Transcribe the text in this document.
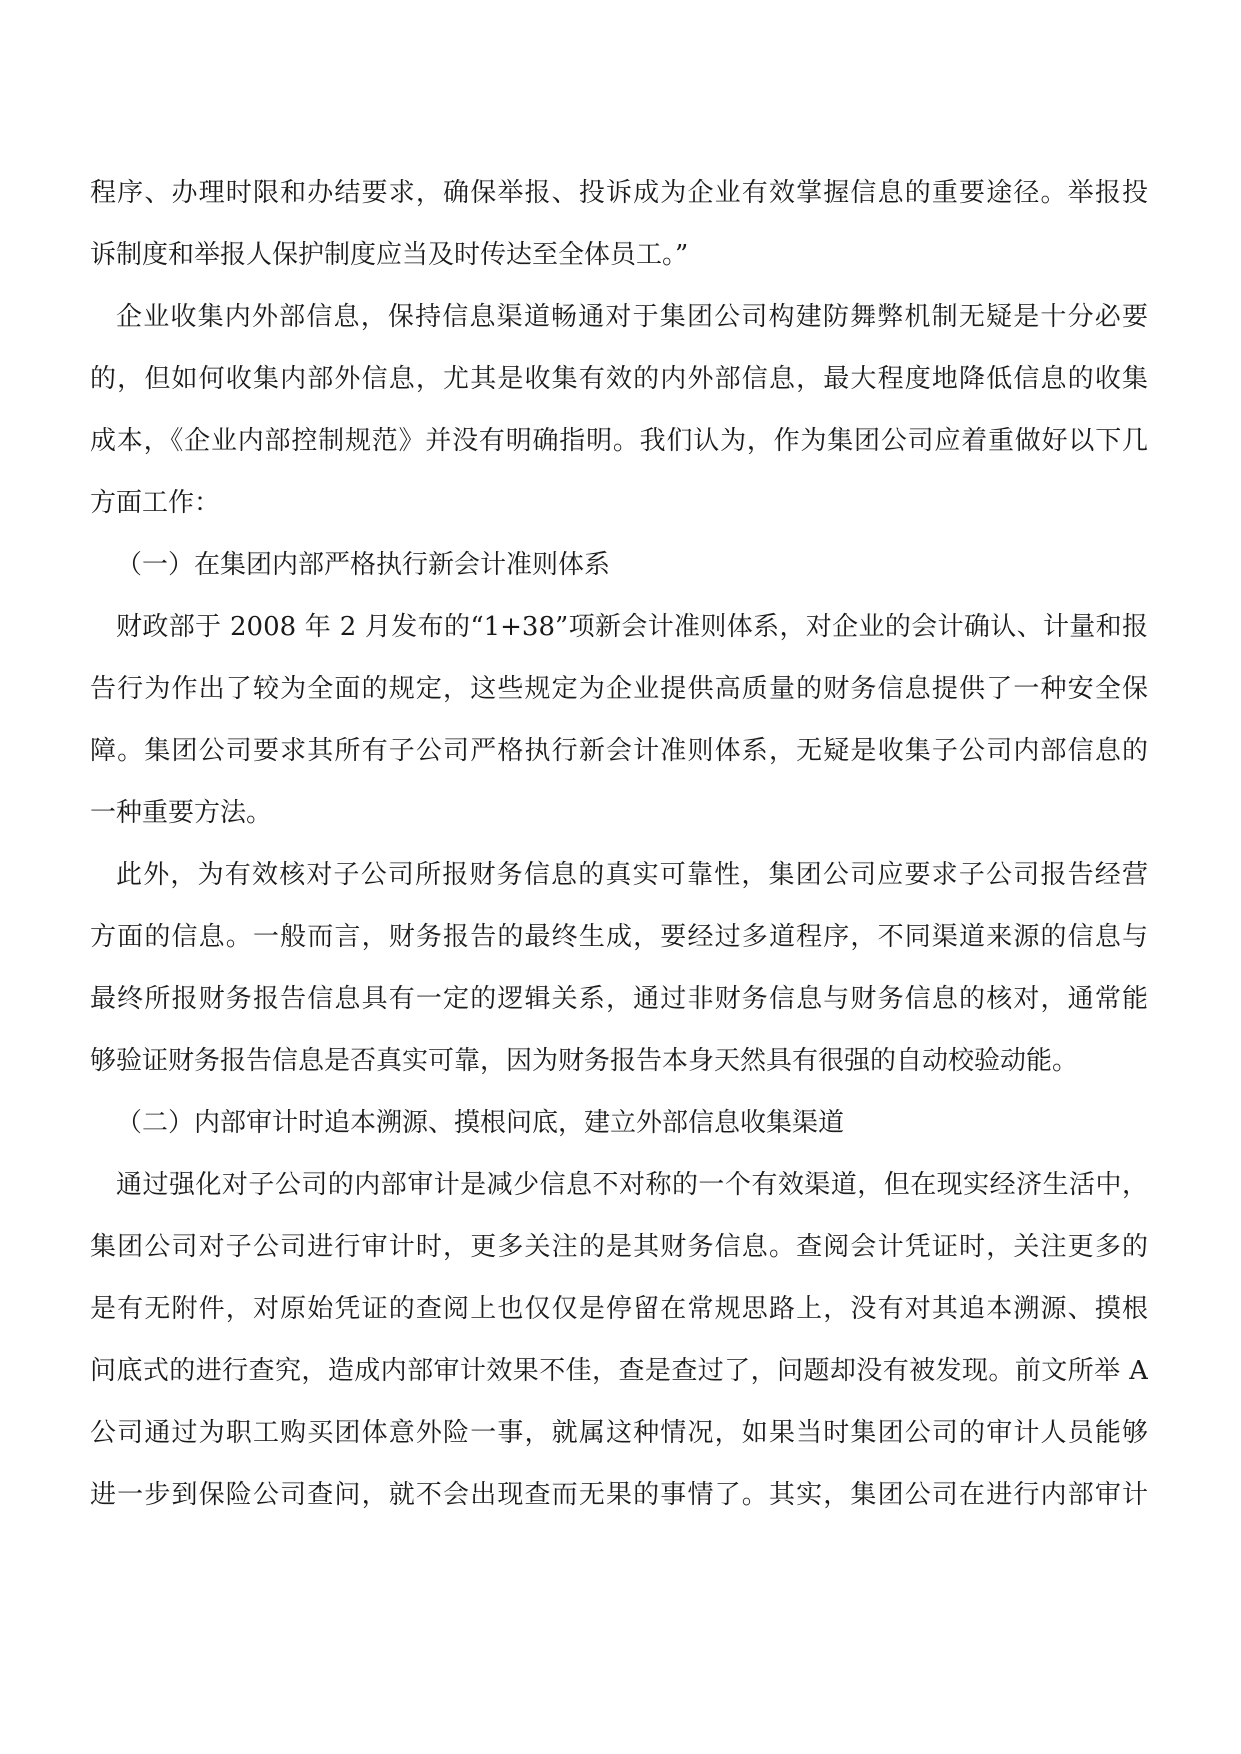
程序、办理时限和办结要求，确保举报、投诉成为企业有效掌握信息的重要途径。举报投
诉制度和举报人保护制度应当及时传达至全体员工。”
企业收集内外部信息，保持信息渠道畅通对于集团公司构建防舞弊机制无疑是十分必要
的，但如何收集内部外信息，尤其是收集有效的内外部信息，最大程度地降低信息的收集
成本，《企业内部控制规范》并没有明确指明。我们认为，作为集团公司应着重做好以下几
方面工作：
（一）在集团内部严格执行新会计准则体系
财政部于 2008 年 2 月发布的“1+38”项新会计准则体系，对企业的会计确认、计量和报
告行为作出了较为全面的规定，这些规定为企业提供高质量的财务信息提供了一种安全保
障。集团公司要求其所有子公司严格执行新会计准则体系，无疑是收集子公司内部信息的
一种重要方法。
此外，为有效核对子公司所报财务信息的真实可靠性，集团公司应要求子公司报告经营
方面的信息。一般而言，财务报告的最终生成，要经过多道程序，不同渠道来源的信息与
最终所报财务报告信息具有一定的逻辑关系，通过非财务信息与财务信息的核对，通常能
够验证财务报告信息是否真实可靠，因为财务报告本身天然具有很强的自动校验动能。
（二）内部审计时追本溯源、摸根问底，建立外部信息收集渠道
通过强化对子公司的内部审计是减少信息不对称的一个有效渠道，但在现实经济生活中，
集团公司对子公司进行审计时，更多关注的是其财务信息。查阅会计凭证时，关注更多的
是有无附件，对原始凭证的查阅上也仅仅是停留在常规思路上，没有对其追本溯源、摸根
问底式的进行查究，造成内部审计效果不佳，查是查过了，问题却没有被发现。前文所举 A
公司通过为职工购买团体意外险一事，就属这种情况，如果当时集团公司的审计人员能够
进一步到保险公司查问，就不会出现查而无果的事情了。其实，集团公司在进行内部审计
